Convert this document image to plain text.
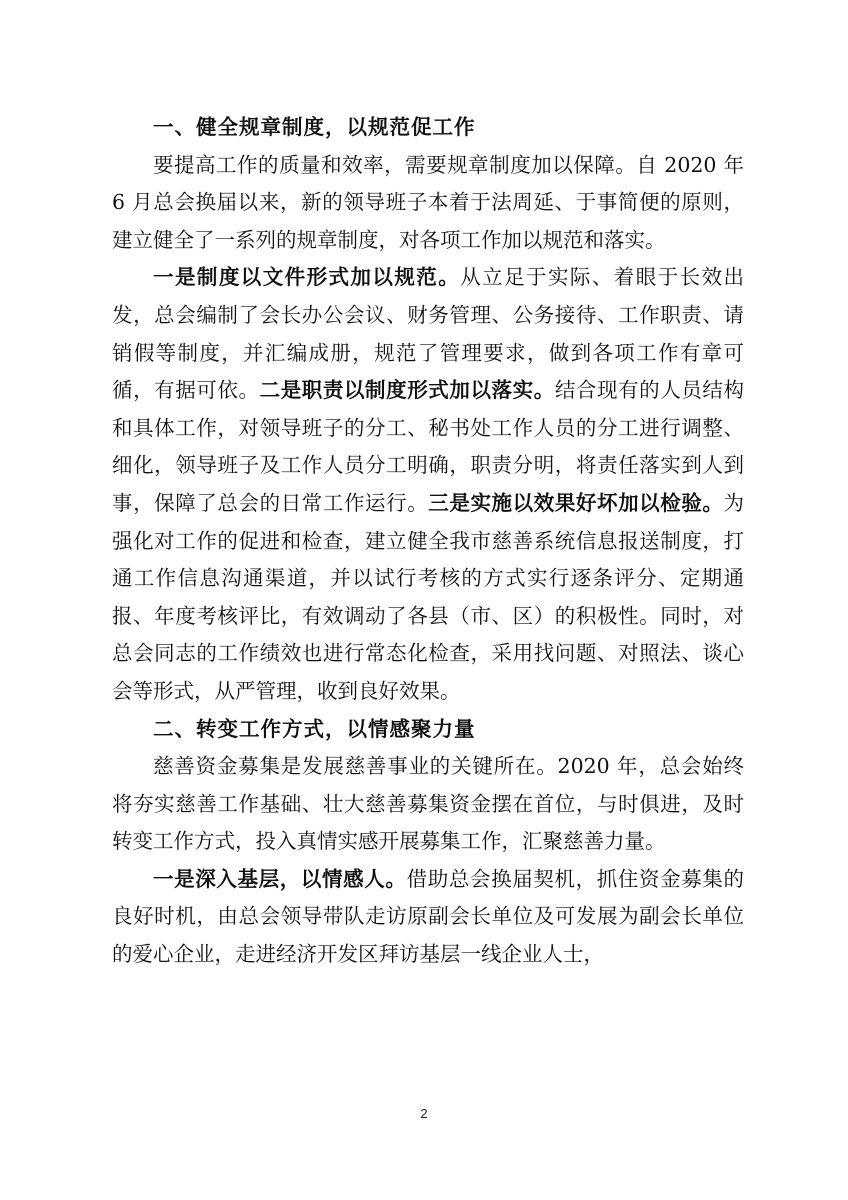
一、健全规章制度，以规范促工作

要提高工作的质量和效率，需要规章制度加以保障。自 2020 年 6 月总会换届以来，新的领导班子本着于法周延、于事简便的原则，建立健全了一系列的规章制度，对各项工作加以规范和落实。

一是制度以文件形式加以规范。从立足于实际、着眼于长效出发，总会编制了会长办公会议、财务管理、公务接待、工作职责、请销假等制度，并汇编成册，规范了管理要求，做到各项工作有章可循，有据可依。二是职责以制度形式加以落实。结合现有的人员结构和具体工作，对领导班子的分工、秘书处工作人员的分工进行调整、细化，领导班子及工作人员分工明确，职责分明，将责任落实到人到事，保障了总会的日常工作运行。三是实施以效果好坏加以检验。为强化对工作的促进和检查，建立健全我市慈善系统信息报送制度，打通工作信息沟通渠道，并以试行考核的方式实行逐条评分、定期通报、年度考核评比，有效调动了各县（市、区）的积极性。同时，对总会同志的工作绩效也进行常态化检查，采用找问题、对照法、谈心会等形式，从严管理，收到良好效果。

二、转变工作方式，以情感聚力量

慈善资金募集是发展慈善事业的关键所在。2020 年，总会始终将夯实慈善工作基础、壮大慈善募集资金摆在首位，与时俱进，及时转变工作方式，投入真情实感开展募集工作，汇聚慈善力量。

一是深入基层，以情感人。借助总会换届契机，抓住资金募集的良好时机，由总会领导带队走访原副会长单位及可发展为副会长单位的爱心企业，走进经济开发区拜访基层一线企业人士，

2
